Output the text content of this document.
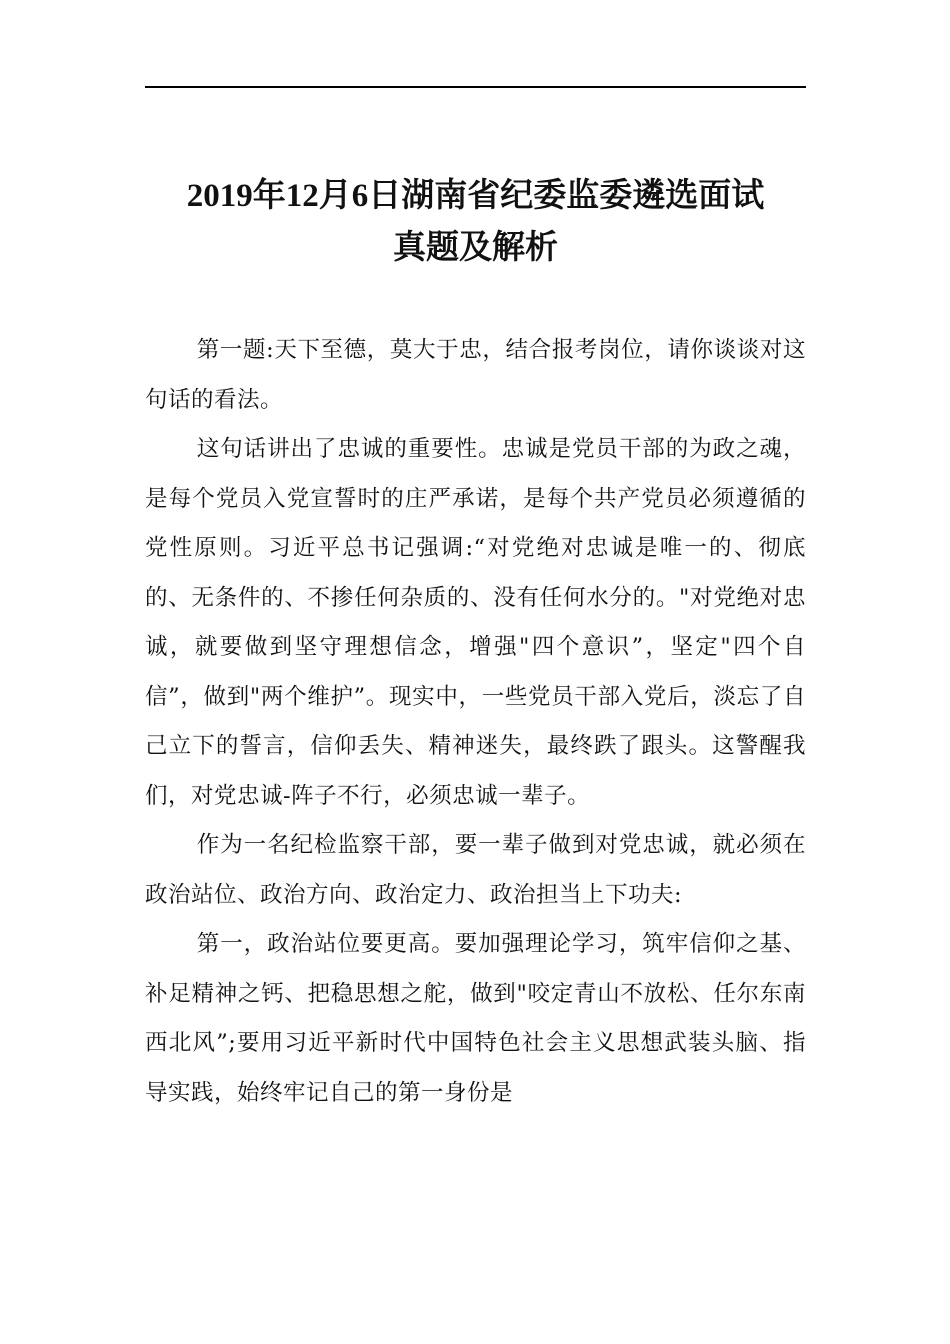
2019年12月6日湖南省纪委监委遴选面试
真题及解析

第一题:天下至德，莫大于忠，结合报考岗位，请你谈谈对这句话的看法。

这句话讲出了忠诚的重要性。忠诚是党员干部的为政之魂，是每个党员入党宣誓时的庄严承诺，是每个共产党员必须遵循的党性原则。习近平总书记强调:“对党绝对忠诚是唯一的、彻底的、无条件的、不掺任何杂质的、没有任何水分的。"对党绝对忠诚，就要做到坚守理想信念，增强"四个意识”，坚定"四个自信”，做到"两个维护”。现实中，一些党员干部入党后，淡忘了自己立下的誓言，信仰丢失、精神迷失，最终跌了跟头。这警醒我们，对党忠诚-阵子不行，必须忠诚一辈子。

作为一名纪检监察干部，要一辈子做到对党忠诚，就必须在政治站位、政治方向、政治定力、政治担当上下功夫:

第一，政治站位要更高。要加强理论学习，筑牢信仰之基、补足精神之钙、把稳思想之舵，做到"咬定青山不放松、任尔东南西北风”;要用习近平新时代中国特色社会主义思想武装头脑、指导实践，始终牢记自己的第一身份是
